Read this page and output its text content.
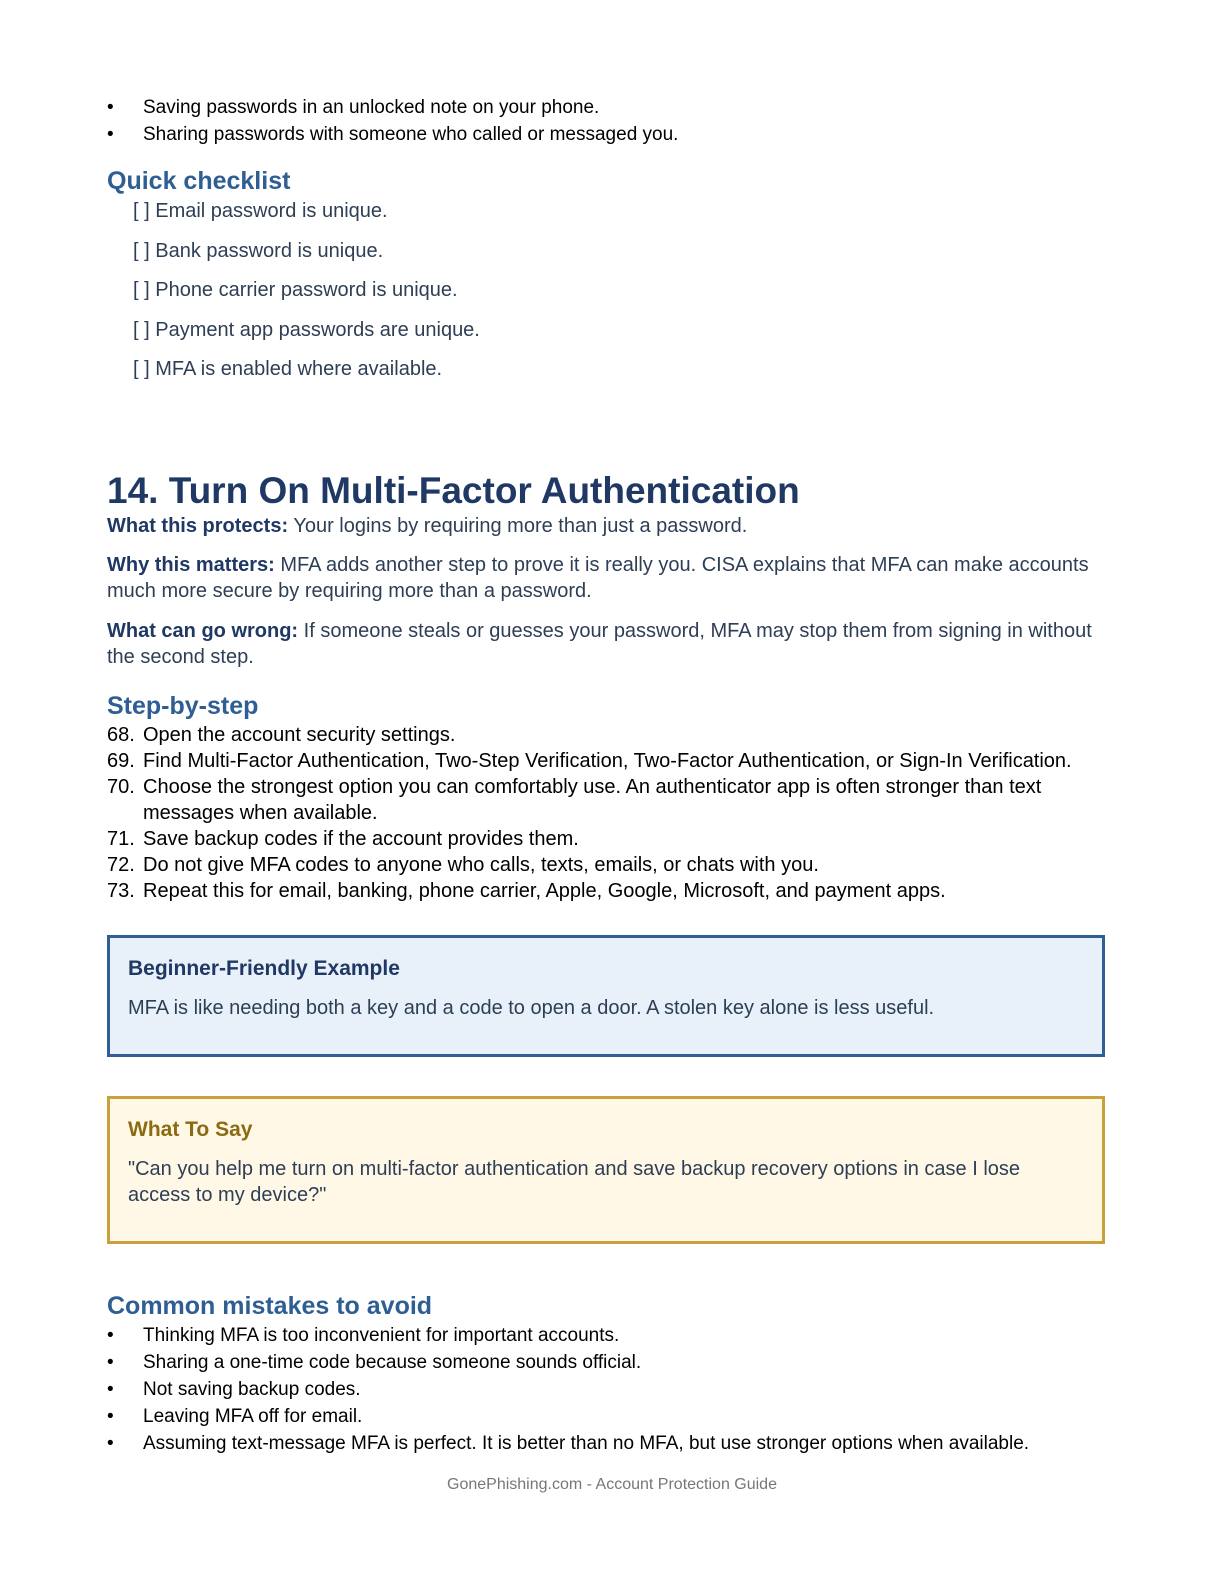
• Saving passwords in an unlocked note on your phone.
• Sharing passwords with someone who called or messaged you.
Quick checklist
[ ] Email password is unique.
[ ] Bank password is unique.
[ ] Phone carrier password is unique.
[ ] Payment app passwords are unique.
[ ] MFA is enabled where available.
14. Turn On Multi-Factor Authentication

What this protects: Your logins by requiring more than just a password.

Why this matters: MFA adds another step to prove it is really you. CISA explains that MFA can make accounts much more secure by requiring more than a password.

What can go wrong: If someone steals or guesses your password, MFA may stop them from signing in without the second step.

Step-by-step
68. Open the account security settings.
69. Find Multi-Factor Authentication, Two-Step Verification, Two-Factor Authentication, or Sign-In Verification.
70. Choose the strongest option you can comfortably use. An authenticator app is often stronger than text messages when available.
71. Save backup codes if the account provides them.
72. Do not give MFA codes to anyone who calls, texts, emails, or chats with you.
73. Repeat this for email, banking, phone carrier, Apple, Google, Microsoft, and payment apps.
Beginner-Friendly Example
MFA is like needing both a key and a code to open a door. A stolen key alone is less useful.
What To Say
"Can you help me turn on multi-factor authentication and save backup recovery options in case I lose access to my device?"
Common mistakes to avoid
• Thinking MFA is too inconvenient for important accounts.
• Sharing a one-time code because someone sounds official.
• Not saving backup codes.
• Leaving MFA off for email.
• Assuming text-message MFA is perfect. It is better than no MFA, but use stronger options when available.
GonePhishing.com - Account Protection Guide
